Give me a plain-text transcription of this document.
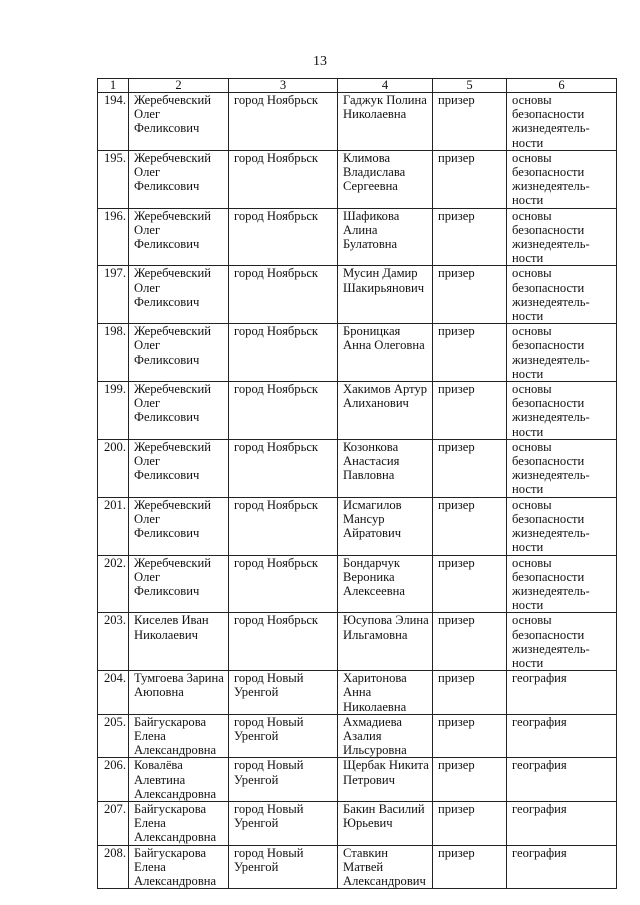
13
1	2	3	4	5	6
194.	Жеребчевский Олег Феликсович	город Ноябрьск	Гаджук Полина Николаевна	призер	основы безопасности жизнедеятель-ности
195.	Жеребчевский Олег Феликсович	город Ноябрьск	Климова Владислава Сергеевна	призер	основы безопасности жизнедеятель-ности
196.	Жеребчевский Олег Феликсович	город Ноябрьск	Шафикова Алина Булатовна	призер	основы безопасности жизнедеятель-ности
197.	Жеребчевский Олег Феликсович	город Ноябрьск	Мусин Дамир Шакирьянович	призер	основы безопасности жизнедеятель-ности
198.	Жеребчевский Олег Феликсович	город Ноябрьск	Броницкая Анна Олеговна	призер	основы безопасности жизнедеятель-ности
199.	Жеребчевский Олег Феликсович	город Ноябрьск	Хакимов Артур Алиханович	призер	основы безопасности жизнедеятель-ности
200.	Жеребчевский Олег Феликсович	город Ноябрьск	Козонкова Анастасия Павловна	призер	основы безопасности жизнедеятель-ности
201.	Жеребчевский Олег Феликсович	город Ноябрьск	Исмагилов Мансур Айратович	призер	основы безопасности жизнедеятель-ности
202.	Жеребчевский Олег Феликсович	город Ноябрьск	Бондарчук Вероника Алексеевна	призер	основы безопасности жизнедеятель-ности
203.	Киселев Иван Николаевич	город Ноябрьск	Юсупова Элина Ильгамовна	призер	основы безопасности жизнедеятель-ности
204.	Тумгоева Зарина Аюповна	город Новый Уренгой	Харитонова Анна Николаевна	призер	география
205.	Байгускарова Елена Александровна	город Новый Уренгой	Ахмадиева Азалия Ильсуровна	призер	география
206.	Ковалёва Алевтина Александровна	город Новый Уренгой	Щербак Никита Петрович	призер	география
207.	Байгускарова Елена Александровна	город Новый Уренгой	Бакин Василий Юрьевич	призер	география
208.	Байгускарова Елена Александровна	город Новый Уренгой	Ставкин Матвей Александрович	призер	география
